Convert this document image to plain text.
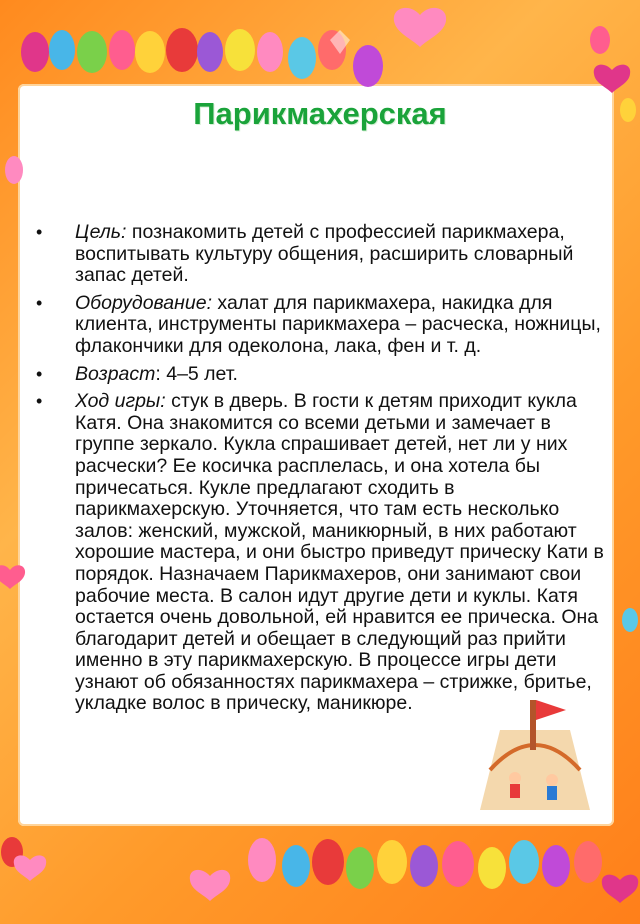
Парикмахерская
• Цель: познакомить детей с профессией парикмахера, воспитывать культуру общения, расширить словарный запас детей.
• Оборудование: халат для парикмахера, накидка для клиента, инструменты парикмахера – расческа, ножницы, флакончики для одеколона, лака, фен и т. д.
• Возраст: 4–5 лет.
• Ход игры: стук в дверь. В гости к детям приходит кукла Катя. Она знакомится со всеми детьми и замечает в группе зеркало. Кукла спрашивает детей, нет ли у них расчески? Ее косичка расплелась, и она хотела бы причесаться. Кукле предлагают сходить в парикмахерскую. Уточняется, что там есть несколько залов: женский, мужской, маникюрный, в них работают хорошие мастера, и они быстро приведут прическу Кати в порядок. Назначаем Парикмахеров, они занимают свои рабочие места. В салон идут другие дети и куклы. Катя остается очень довольной, ей нравится ее прическа. Она благодарит детей и обещает в следующий раз прийти именно в эту парикмахерскую. В процессе игры дети узнают об обязанностях парикмахера – стрижке, бритье, укладке волос в прическу, маникюре.
